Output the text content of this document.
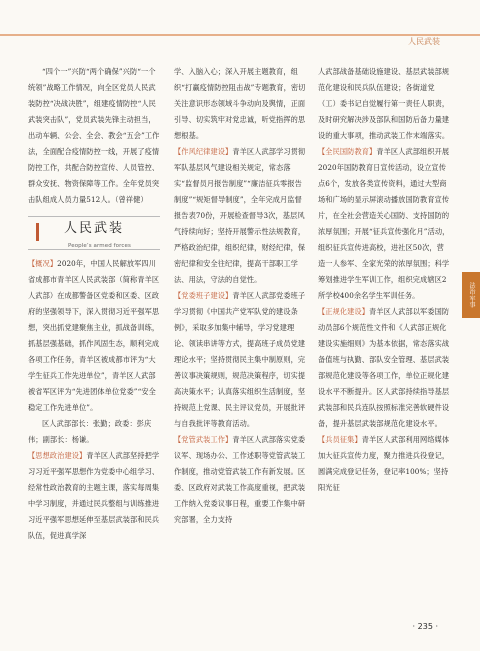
人民武装
法治·军事

“四个一”兴防“两个确保”兴防“一个统领”战略工作情况，向全区党员人民武装防控“决战决胜”，组建疫情防控“人民武装突击队”，党员武装先锋主动担当，出动车辆、公会、全会、教会“五会”工作法，全面配合疫情防控一线，开展了疫情防控工作，共配合防控宣传、人员管控、群众安抚、物资保障等工作。全年党员突击队组成人员力量512人。（曾祥健）

人民武装
People’s armed forces

【概况】2020年，中国人民解放军四川省成都市青羊区人民武装部（简称青羊区人武部）在成都警备区党委和区委、区政府的坚强领导下，深入贯彻习近平强军思想，突出抓党建聚焦主业，抓战备训练，抓基层强基础，抓作风固生态，顺利完成各项工作任务，青羊区被成都市评为“大学生征兵工作先进单位”，青羊区人武部被省军区评为“先进团体单位党委”“安全稳定工作先进单位”。

区人武部部长：张勤；政委：彭庆伟；副部长：杨谦。

【思想政治建设】青羊区人武部坚持把学习习近平强军思想作为党委中心组学习、经常性政治教育的主题主课，落实每周集中学习制度，并通过民兵整组与训练推进习近平强军思想延伸至基层武装部和民兵队伍，促进真学深

学、入脑入心；深入开展主题教育，组织“打赢疫情防控阻击战”专题教育，密切关注意识形态领域斗争动向及舆情，正面引导、切实筑牢对党忠诚，听党指挥的思想根基。

【作风纪律建设】青羊区人武部学习贯彻军队基层风气建设相关规定，常态落实“监督员月报告制度”“廉洁征兵零报告制度”“规矩督导制度”，全年完成月监督报告表70份，开展检查督导3次，基层风气持续向好；坚持开展警示性法规教育，严格政治纪律，组织纪律，财经纪律，保密纪律和安全往纪律，提高干部职工学法、用法，守法的自觉性。

【党委班子建设】青羊区人武部党委班子学习贯彻《中国共产党军队党的建设条例》，采取多加集中辅导，学习党建理论、领读串讲等方式，提高班子成员党建理论水平；坚持贯彻民主集中制原则，完善议事决策规则，规范决策程序，切实提高决策水平；认真落实组织生活制度，坚持规范上党课、民主评议党员，开展批评与自我批评等教育活动。

【党管武装工作】青羊区人武部落实党委议军、现场办公、工作述职等党管武装工作制度，推动党管武装工作有新发展。区委、区政府对武装工作高度重视，把武装工作纳入党委议事日程，重要工作集中研究部署，全力支持

人武部战备基础设施建设、基层武装部规范化建设和民兵队伍建设；各街道党（工）委书记自觉履行第一责任人职责，及时研究解决涉及部队和国防后备力量建设的重大事项，推动武装工作末端落实。

【全民国防教育】青羊区人武部组织开展2020年国防教育日宣传活动，设立宣传点6个，发放各类宣传资料，通过大型商场和广场的显示屏滚动播放国防教育宣传片，在全社会营造关心国防、支持国防的浓厚氛围；开展“征兵宣传强化月”活动，组织征兵宣传进高校，进社区50次，营造一人参军、全家光荣的浓厚氛围；科学筹划推进学生军训工作，组织完成辖区2所学校400余名学生军训任务。

【正规化建设】青羊区人武部以军委国防动员部6个规范性文件和《人武部正规化建设实施细则》为基本依据，常态落实战备值班与执勤、部队安全管理、基层武装部规范化建设等各项工作，单位正规化建设水平不断提升。区人武部持续指导基层武装部和民兵连队按照标准完善软硬件设备，提升基层武装部规范化建设水平。

【兵员征集】青羊区人武部利用网络媒体加大征兵宣传力度，聚力推进兵役登记，圆满完成登记任务，登记率100%；坚持阳光征

· 235 ·
